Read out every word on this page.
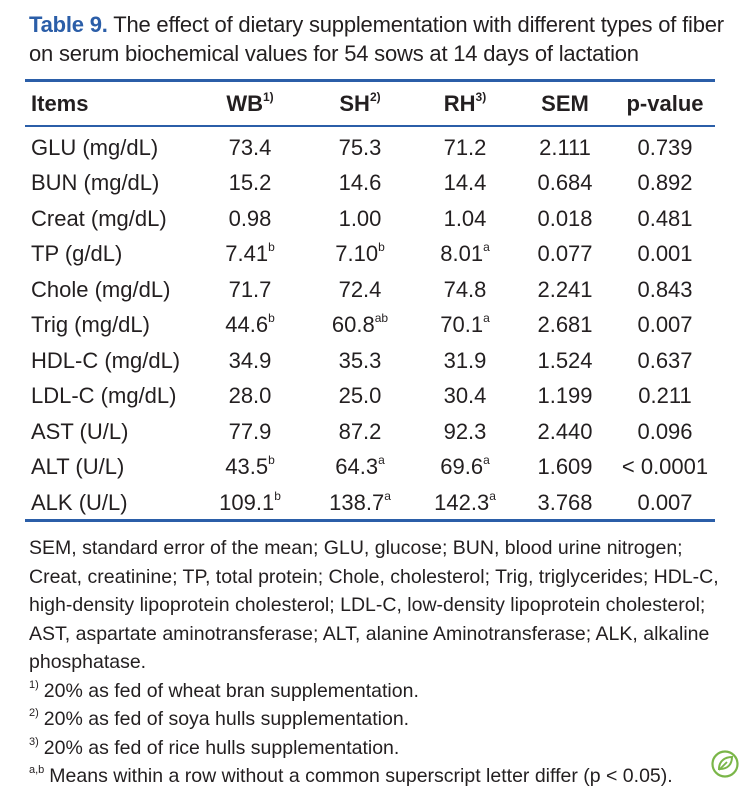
Table 9. The effect of dietary supplementation with different types of fiber on serum biochemical values for 54 sows at 14 days of lactation
Items	WB$^{1)}$	SH$^{2)}$	RH$^{3)}$	SEM	p-value
GLU (mg/dL)	73.4	75.3	71.2	2.111	0.739
BUN (mg/dL)	15.2	14.6	14.4	0.684	0.892
Creat (mg/dL)	0.98	1.00	1.04	0.018	0.481
TP (g/dL)	7.41$^b$	7.10$^b$	8.01$^a$	0.077	0.001
Chole (mg/dL)	71.7	72.4	74.8	2.241	0.843
Trig (mg/dL)	44.6$^b$	60.8$^{ab}$	70.1$^a$	2.681	0.007
HDL-C (mg/dL)	34.9	35.3	31.9	1.524	0.637
LDL-C (mg/dL)	28.0	25.0	30.4	1.199	0.211
AST (U/L)	77.9	87.2	92.3	2.440	0.096
ALT (U/L)	43.5$^b$	64.3$^a$	69.6$^a$	1.609	< 0.0001
ALK (U/L)	109.1$^b$	138.7$^a$	142.3$^a$	3.768	0.007

SEM, standard error of the mean; GLU, glucose; BUN, blood urine nitrogen; Creat, creatinine; TP, total protein; Chole, cholesterol; Trig, triglycerides; HDL-C, high-density lipoprotein cholesterol; LDL-C, low-density lipoprotein cholesterol; AST, aspartate aminotransferase; ALT, alanine Aminotransferase; ALK, alkaline phosphatase.

$^{1)}$ 20% as fed of wheat bran supplementation.

$^{2)}$ 20% as fed of soya hulls supplementation.

$^{3)}$ 20% as fed of rice hulls supplementation.

$^{a,b}$ Means within a row without a common superscript letter differ (p < 0.05).
